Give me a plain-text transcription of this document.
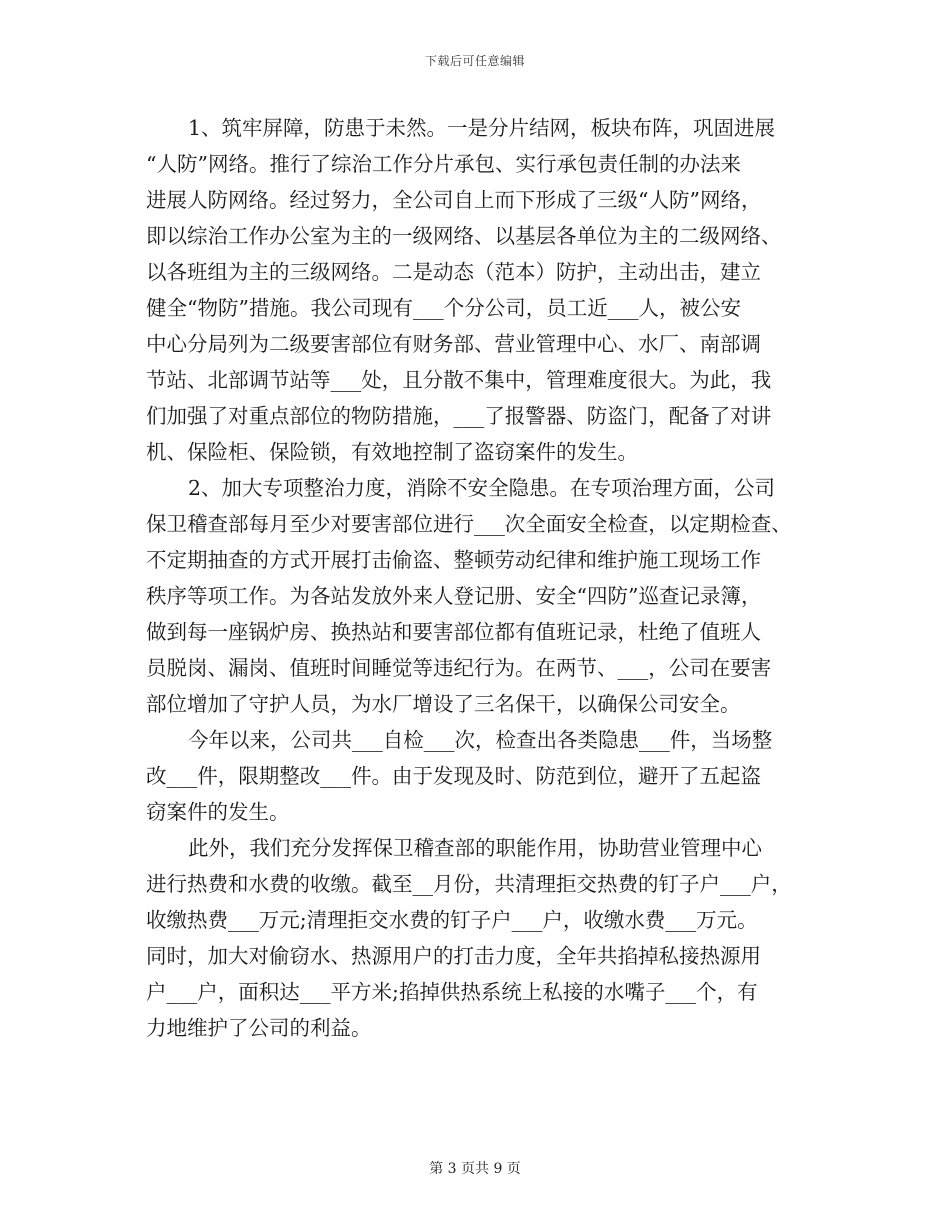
下载后可任意编辑
1、筑牢屏障，防患于未然。一是分片结网，板块布阵，巩固进展
“人防”网络。推行了综治工作分片承包、实行承包责任制的办法来
进展人防网络。经过努力，全公司自上而下形成了三级“人防”网络，
即以综治工作办公室为主的一级网络、以基层各单位为主的二级网络、
以各班组为主的三级网络。二是动态（范本）防护，主动出击，建立
健全“物防”措施。我公司现有___个分公司，员工近___人，被公安
中心分局列为二级要害部位有财务部、营业管理中心、水厂、南部调
节站、北部调节站等___处，且分散不集中，管理难度很大。为此，我
们加强了对重点部位的物防措施，___了报警器、防盗门，配备了对讲
机、保险柜、保险锁，有效地控制了盗窃案件的发生。
2、加大专项整治力度，消除不安全隐患。在专项治理方面，公司
保卫稽查部每月至少对要害部位进行___次全面安全检查，以定期检查、
不定期抽查的方式开展打击偷盗、整顿劳动纪律和维护施工现场工作
秩序等项工作。为各站发放外来人登记册、安全“四防”巡查记录簿，
做到每一座锅炉房、换热站和要害部位都有值班记录，杜绝了值班人
员脱岗、漏岗、值班时间睡觉等违纪行为。在两节、___，公司在要害
部位增加了守护人员，为水厂增设了三名保干，以确保公司安全。
今年以来，公司共___自检___次，检查出各类隐患___件，当场整
改___件，限期整改___件。由于发现及时、防范到位，避开了五起盗
窃案件的发生。
此外，我们充分发挥保卫稽查部的职能作用，协助营业管理中心
进行热费和水费的收缴。截至__月份，共清理拒交热费的钉子户___户，
收缴热费___万元;清理拒交水费的钉子户___户，收缴水费___万元。
同时，加大对偷窃水、热源用户的打击力度，全年共掐掉私接热源用
户___户，面积达___平方米;掐掉供热系统上私接的水嘴子___个，有
力地维护了公司的利益。
第 3 页共 9 页
